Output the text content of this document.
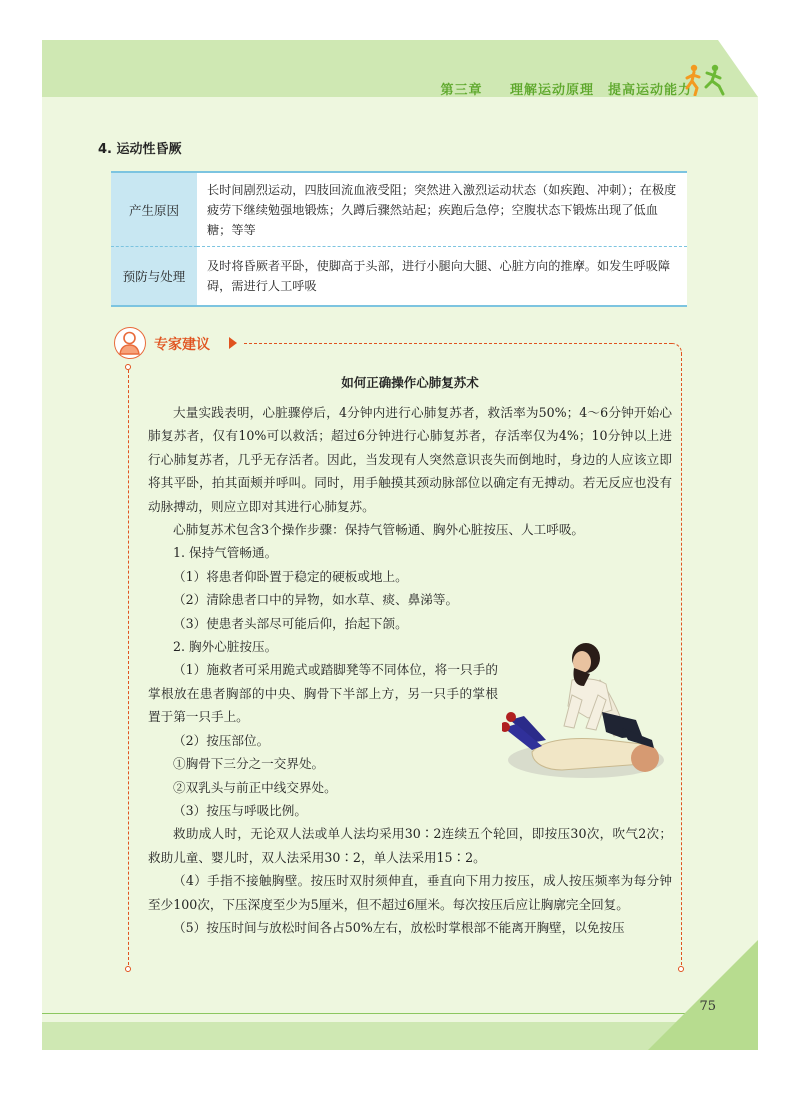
第三章 理解运动原理　提高运动能力
75
4. 运动性昏厥
产生原因	长时间剧烈运动，四肢回流血液受阻；突然进入激烈运动状态（如疾跑、冲刺）；在极度疲劳下继续勉强地锻炼；久蹲后骤然站起；疾跑后急停；空腹状态下锻炼出现了低血糖；等等
预防与处理	及时将昏厥者平卧，使脚高于头部，进行小腿向大腿、心脏方向的推摩。如发生呼吸障碍，需进行人工呼吸
专家建议
如何正确操作心肺复苏术

大量实践表明，心脏骤停后，4分钟内进行心肺复苏者，救活率为50%；4～6分钟开始心肺复苏者，仅有10%可以救活；超过6分钟进行心肺复苏者，存活率仅为4%；10分钟以上进行心肺复苏者，几乎无存活者。因此，当发现有人突然意识丧失而倒地时，身边的人应该立即将其平卧，拍其面颊并呼叫。同时，用手触摸其颈动脉部位以确定有无搏动。若无反应也没有动脉搏动，则应立即对其进行心肺复苏。

心肺复苏术包含3个操作步骤：保持气管畅通、胸外心脏按压、人工呼吸。

1. 保持气管畅通。

（1）将患者仰卧置于稳定的硬板或地上。

（2）清除患者口中的异物，如水草、痰、鼻涕等。

（3）使患者头部尽可能后仰，抬起下颌。

2. 胸外心脏按压。

（1）施救者可采用跪式或踏脚凳等不同体位，将一只手的掌根放在患者胸部的中央、胸骨下半部上方，另一只手的掌根置于第一只手上。

（2）按压部位。

①胸骨下三分之一交界处。

②双乳头与前正中线交界处。

（3）按压与呼吸比例。

救助成人时，无论双人法或单人法均采用30∶2连续五个轮回，即按压30次，吹气2次；救助儿童、婴儿时，双人法采用30∶2，单人法采用15∶2。

（4）手指不接触胸壁。按压时双肘须伸直，垂直向下用力按压，成人按压频率为每分钟至少100次，下压深度至少为5厘米，但不超过6厘米。每次按压后应让胸廓完全回复。

（5）按压时间与放松时间各占50%左右，放松时掌根部不能离开胸壁，以免按压
